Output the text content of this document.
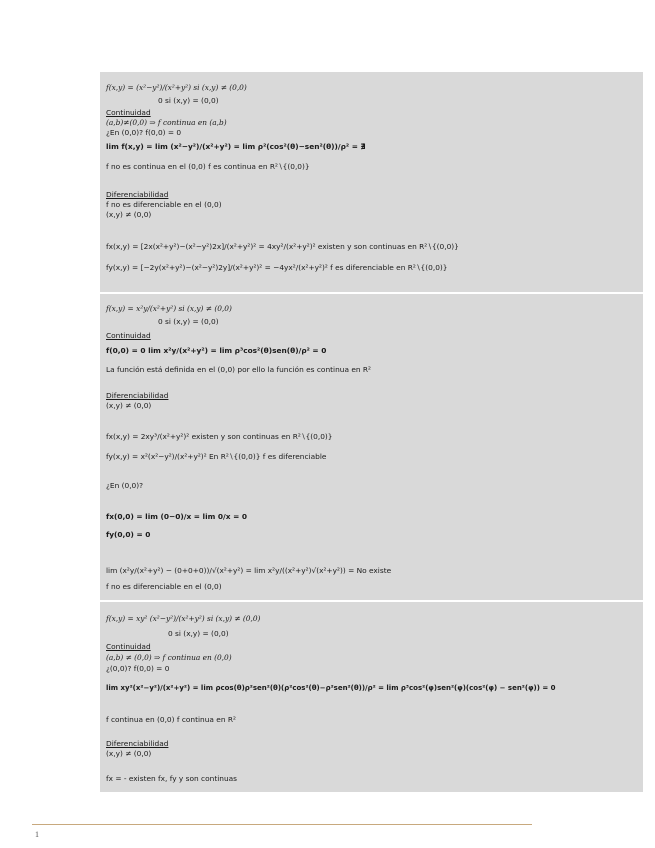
f(x,y) = (x²−y²)/(x²+y²) si (x,y) ≠ (0,0)
0 si (x,y) = (0,0)
Continuidad
(a,b)≠(0,0) ⇒ f continua en (a,b)
¿En (0,0)? f(0,0) = 0
lim f(x,y) = lim (x²−y²)/(x²+y²) = lim ρ²(cos²(θ)−sen²(θ))/ρ² = ∄
f no es continua en el (0,0) f es continua en R²∖{(0,0)}
Diferenciabilidad
f no es diferenciable en el (0,0)
(x,y) ≠ (0,0)
fx(x,y) = [2x(x²+y²)−(x²−y²)2x]/(x²+y²)² = 4xy²/(x²+y²)² existen y son continuas en R²∖{(0,0)}
fy(x,y) = [−2y(x²+y²)−(x²−y²)2y]/(x²+y²)² = −4yx²/(x²+y²)² f es diferenciable en R²∖{(0,0)}
f(x,y) = x²y/(x²+y²) si (x,y) ≠ (0,0)
0 si (x,y) = (0,0)
Continuidad
f(0,0) = 0 lim x²y/(x²+y²) = lim ρ³cos²(θ)sen(θ)/ρ² = 0
La función está definida en el (0,0) por ello la función es continua en R²
Diferenciabilidad
(x,y) ≠ (0,0)
fx(x,y) = 2xy³/(x²+y²)² existen y son continuas en R²∖{(0,0)}
fy(x,y) = x²(x²−y²)/(x²+y²)² En R²∖{(0,0)} f es diferenciable
¿En (0,0)?
fx(0,0) = lim (0−0)/x = lim 0/x = 0
fy(0,0) = 0
lim (x²y/(x²+y²) − (0+0+0))/√(x²+y²) = lim x²y/((x²+y²)√(x²+y²)) = No existe
f no es diferenciable en el (0,0)
f(x,y) = xy² (x²−y²)/(x²+y²) si (x,y) ≠ (0,0)
0 si (x,y) = (0,0)
Continuidad
(a,b) ≠ (0,0) ⇒ f continua en (0,0)
¿(0,0)? f(0,0) = 0
lim xy²(x²−y²)/(x²+y²) = lim ρcos(θ)ρ²sen²(θ)(ρ²cos²(θ)−ρ²sen²(θ))/ρ² = lim ρ³cos²(φ)sen²(φ)(cos²(φ) − sen²(φ)) = 0
f continua en (0,0) f continua en R²
Diferenciabilidad
(x,y) ≠ (0,0)
fx = - existen fx, fy y son continuas
1
